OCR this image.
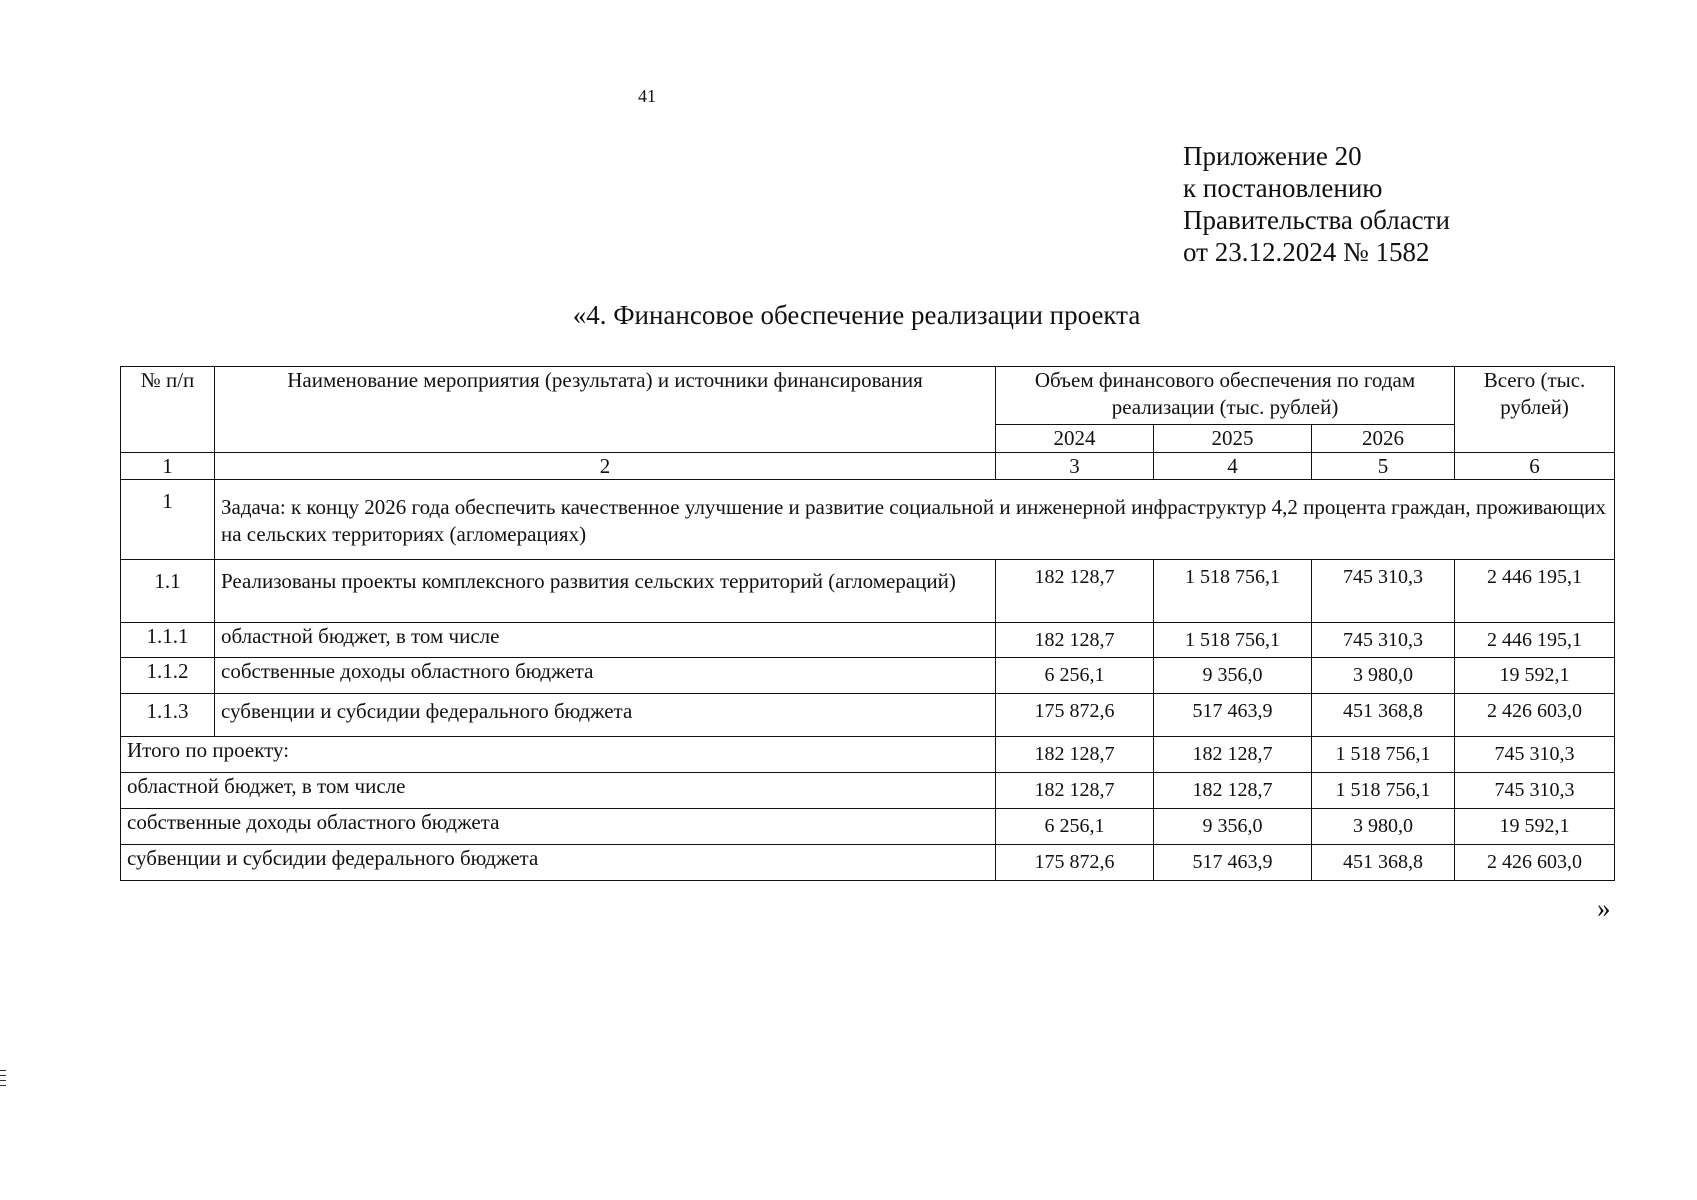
41
Приложение 20
к постановлению
Правительства области
от 23.12.2024 № 1582
«4. Финансовое обеспечение реализации проекта
№ п/п	Наименование мероприятия (результата) и источники финансирования	Объем финансового обеспечения по годам реализации (тыс. рублей)			Всего (тыс. рублей)
		2024	2025	2026	
1	2	3	4	5	6
1	Задача: к концу 2026 года обеспечить качественное улучшение и развитие социальной и инженерной инфраструктур 4,2 процента граждан, проживающих на сельских территориях (агломерациях)				
1.1	Реализованы проекты комплексного развития сельских территорий (агломераций)	182 128,7	1 518 756,1	745 310,3	2 446 195,1
1.1.1	областной бюджет, в том числе	182 128,7	1 518 756,1	745 310,3	2 446 195,1
1.1.2	собственные доходы областного бюджета	6 256,1	9 356,0	3 980,0	19 592,1
1.1.3	субвенции и субсидии федерального бюджета	175 872,6	517 463,9	451 368,8	2 426 603,0
Итого по проекту:		182 128,7	182 128,7	1 518 756,1	745 310,3
областной бюджет, в том числе		182 128,7	182 128,7	1 518 756,1	745 310,3
собственные доходы областного бюджета		6 256,1	9 356,0	3 980,0	19 592,1
субвенции и субсидии федерального бюджета		175 872,6	517 463,9	451 368,8	2 426 603,0
»
